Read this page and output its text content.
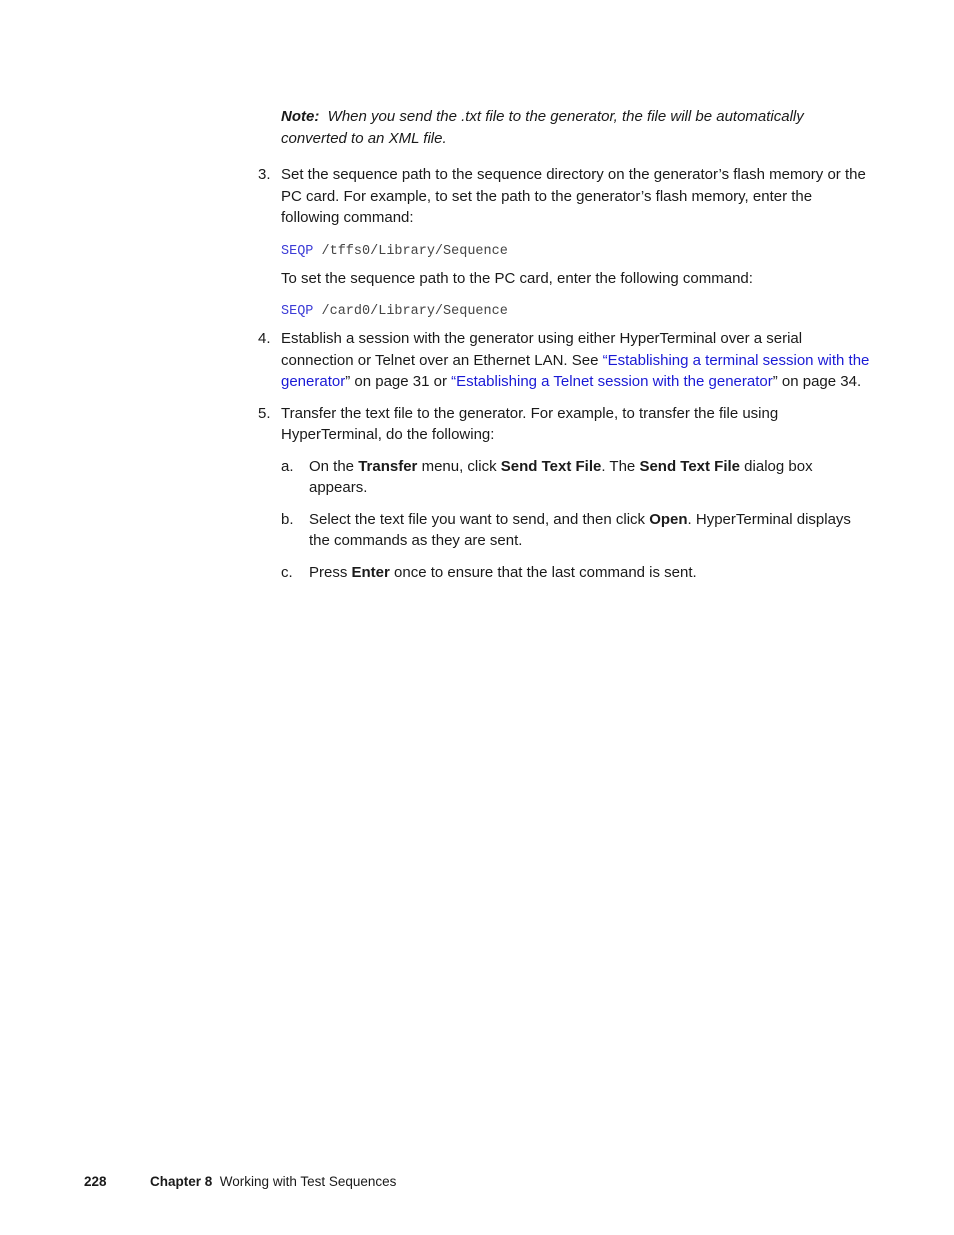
Note: When you send the .txt file to the generator, the file will be automatically converted to an XML file.
3. Set the sequence path to the sequence directory on the generator’s flash memory or the PC card. For example, to set the path to the generator’s flash memory, enter the following command:
SEQP /tffs0/Library/Sequence
To set the sequence path to the PC card, enter the following command:
SEQP /card0/Library/Sequence
4. Establish a session with the generator using either HyperTerminal over a serial connection or Telnet over an Ethernet LAN. See “Establishing a terminal session with the generator” on page 31 or “Establishing a Telnet session with the generator” on page 34.
5. Transfer the text file to the generator. For example, to transfer the file using HyperTerminal, do the following:
a. On the Transfer menu, click Send Text File. The Send Text File dialog box appears.
b. Select the text file you want to send, and then click Open. HyperTerminal displays the commands as they are sent.
c. Press Enter once to ensure that the last command is sent.
228	Chapter 8 Working with Test Sequences
